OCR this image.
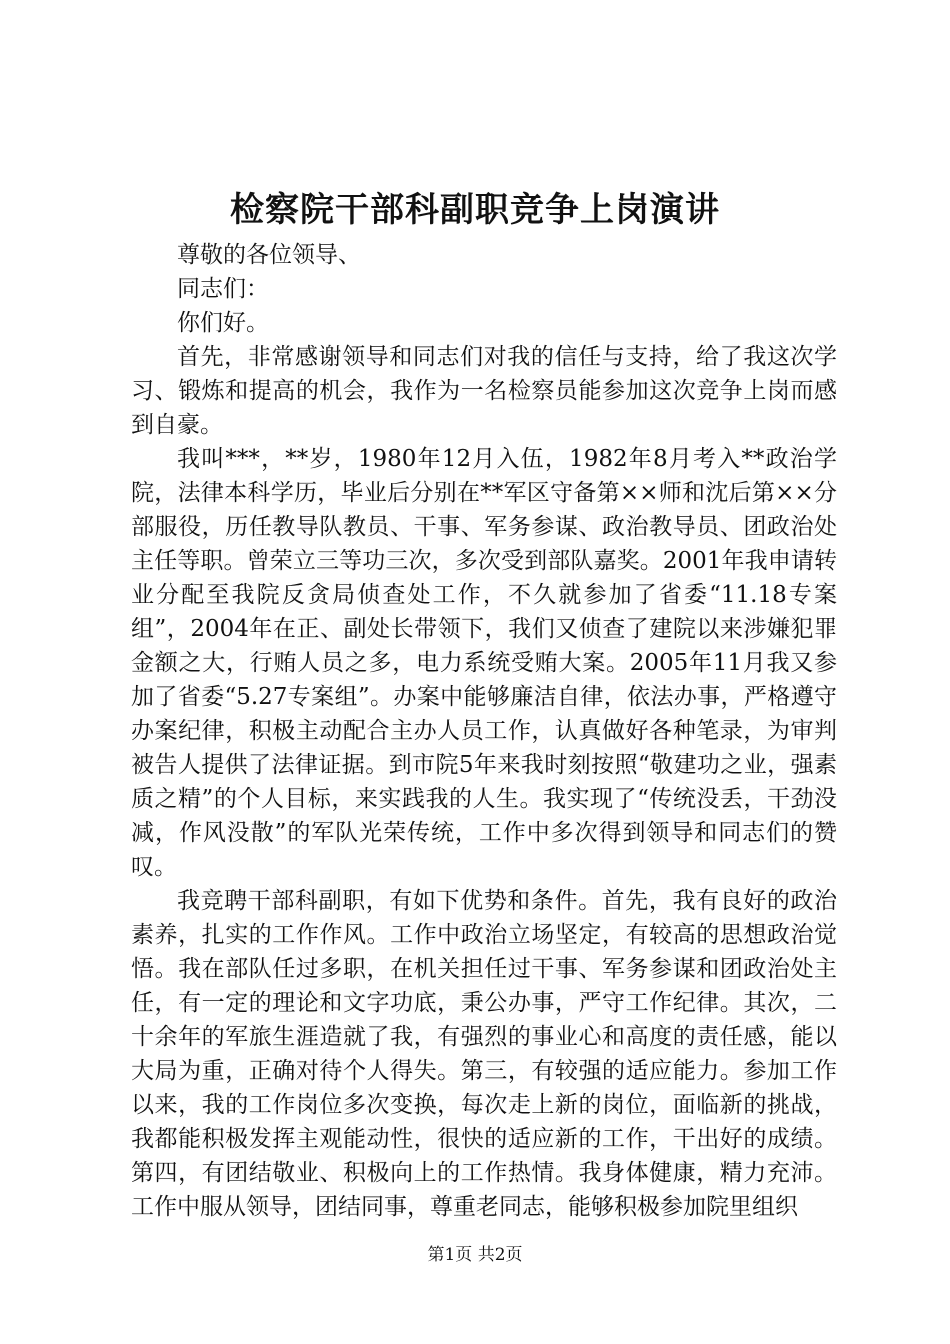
检察院干部科副职竞争上岗演讲

尊敬的各位领导、

同志们：

你们好。

首先，非常感谢领导和同志们对我的信任与支持，给了我这次学习、锻炼和提高的机会，我作为一名检察员能参加这次竞争上岗而感到自豪。

我叫***，**岁，1980年12月入伍，1982年8月考入**政治学院，法律本科学历，毕业后分别在**军区守备第××师和沈后第××分部服役，历任教导队教员、干事、军务参谋、政治教导员、团政治处主任等职。曾荣立三等功三次，多次受到部队嘉奖。2001年我申请转业分配至我院反贪局侦查处工作，不久就参加了省委“11.18专案组”，2004年在正、副处长带领下，我们又侦查了建院以来涉嫌犯罪金额之大，行贿人员之多，电力系统受贿大案。2005年11月我又参加了省委“5.27专案组”。办案中能够廉洁自律，依法办事，严格遵守办案纪律，积极主动配合主办人员工作，认真做好各种笔录，为审判被告人提供了法律证据。到市院5年来我时刻按照“敬建功之业，强素质之精”的个人目标，来实践我的人生。我实现了“传统没丢，干劲没减，作风没散”的军队光荣传统，工作中多次得到领导和同志们的赞叹。

我竞聘干部科副职，有如下优势和条件。首先，我有良好的政治素养，扎实的工作作风。工作中政治立场坚定，有较高的思想政治觉悟。我在部队任过多职，在机关担任过干事、军务参谋和团政治处主任，有一定的理论和文字功底，秉公办事，严守工作纪律。其次，二十余年的军旅生涯造就了我，有强烈的事业心和高度的责任感，能以大局为重，正确对待个人得失。第三，有较强的适应能力。参加工作以来，我的工作岗位多次变换，每次走上新的岗位，面临新的挑战，我都能积极发挥主观能动性，很快的适应新的工作，干出好的成绩。第四，有团结敬业、积极向上的工作热情。我身体健康，精力充沛。工作中服从领导，团结同事，尊重老同志，能够积极参加院里组织

第1页 共2页
